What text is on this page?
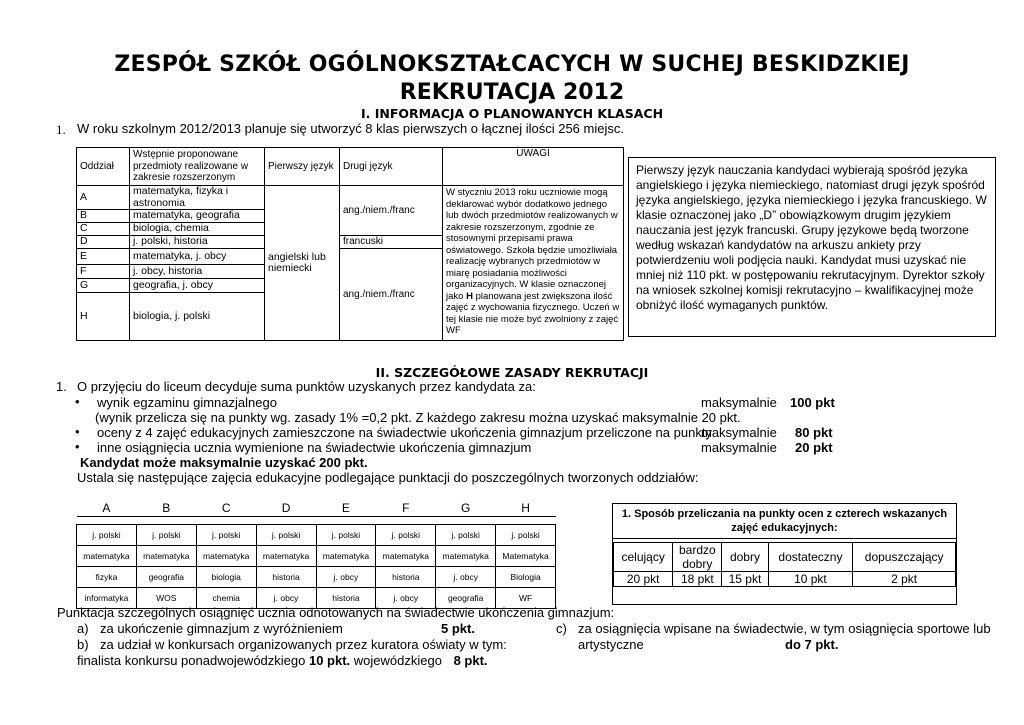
ZESPÓŁ SZKÓŁ OGÓLNOKSZTAŁCACYCH W SUCHEJ BESKIDZKIEJ
REKRUTACJA 2012
I. INFORMACJA O PLANOWANYCH KLASACH
1. W roku szkolnym 2012/2013 planuje się utworzyć 8 klas pierwszych o łącznej ilości 256 miejsc.
Oddział	Wstępnie proponowane przedmioty realizowane w zakresie rozszerzonym	Pierwszy język	Drugi język	UWAGI
A	matematyka, fizyka i astronomia	angielski lub niemiecki	ang./niem./franc	W styczniu 2013 roku uczniowie mogą deklarować wybór dodatkowo jednego lub dwóch przedmiotów realizowanych w zakresie rozszerzonym, zgodnie ze stosownymi przepisami prawa oświatowego. Szkoła będzie umożliwiała realizację wybranych przedmiotów w miarę posiadania możliwości organizacyjnych. W klasie oznaczonej jako H planowana jest zwiększona ilość zajęć z wychowania fizycznego. Uczeń w tej klasie nie może być zwolniony z zajęć WF
B	matematyka, geografia			
C	biologia, chemia			
D	j. polski, historia		francuski	
E	matematyka, j. obcy		ang./niem./franc	
F	j. obcy, historia			
G	geografia, j. obcy			
H	biologia, j. polski			
Pierwszy język nauczania kandydaci wybierają spośród języka angielskiego i języka niemieckiego, natomiast drugi język spośród języka angielskiego, języka niemieckiego i języka francuskiego. W klasie oznaczonej jako „D” obowiązkowym drugim językiem nauczania jest język francuski. Grupy językowe będą tworzone według wskazań kandydatów na arkuszu ankiety przy potwierdzeniu woli podjęcia nauki. Kandydat musi uzyskać nie mniej niż 110 pkt. w postępowaniu rekrutacyjnym. Dyrektor szkoły na wniosek szkolnej komisji rekrutacyjno – kwalifikacyjnej może obniżyć ilość wymaganych punktów.
II. SZCZEGÓŁOWE ZASADY REKRUTACJI
1. O przyjęciu do liceum decyduje suma punktów uzyskanych przez kandydata za:
• wynik egzaminu gimnazjalnego	maksymalnie 100 pkt
(wynik przelicza się na punkty wg. zasady 1% =0,2 pkt. Z każdego zakresu można uzyskać maksymalnie 20 pkt.
• oceny z 4 zajęć edukacyjnych zamieszczone na świadectwie ukończenia gimnazjum przeliczone na punkty
maksymalnie 80 pkt
• inne osiągnięcia ucznia wymienione na świadectwie ukończenia gimnazjum	maksymalnie 20 pkt
Kandydat może maksymalnie uzyskać 200 pkt.
Ustala się następujące zajęcia edukacyjne podlegające punktacji do poszczególnych tworzonych oddziałów:
A	B	C	D	E	F	G	H

j. polski	j. polski	j. polski	j. polski	j. polski	j. polski	j. polski	j. polski
matematyka	matematyka	matematyka	matematyka	matematyka	matematyka	matematyka	Matematyka
fizyka	geografia	biologia	historia	j. obcy	historia	j. obcy	Biologia
informatyka	WOS	chemia	j. obcy	historia	j. obcy	geografia	WF
1. Sposób przeliczania na punkty ocen z czterech wskazanych zajęć edukacyjnych:
celujący	bardzo dobry	dobry	dostateczny	dopuszczający
20 pkt	18 pkt	15 pkt	10 pkt	2 pkt
Punktacja szczególnych osiągnięć ucznia odnotowanych na świadectwie ukończenia gimnazjum:
a) za ukończenie gimnazjum z wyróżnieniem	5 pkt.
b) za udział w konkursach organizowanych przez kuratora oświaty w tym:
finalista konkursu ponadwojewódzkiego 10 pkt. wojewódzkiego 8 pkt.
c) za osiągnięcia wpisane na świadectwie, w tym osiągnięcia sportowe lub
artystyczne	do 7 pkt.
